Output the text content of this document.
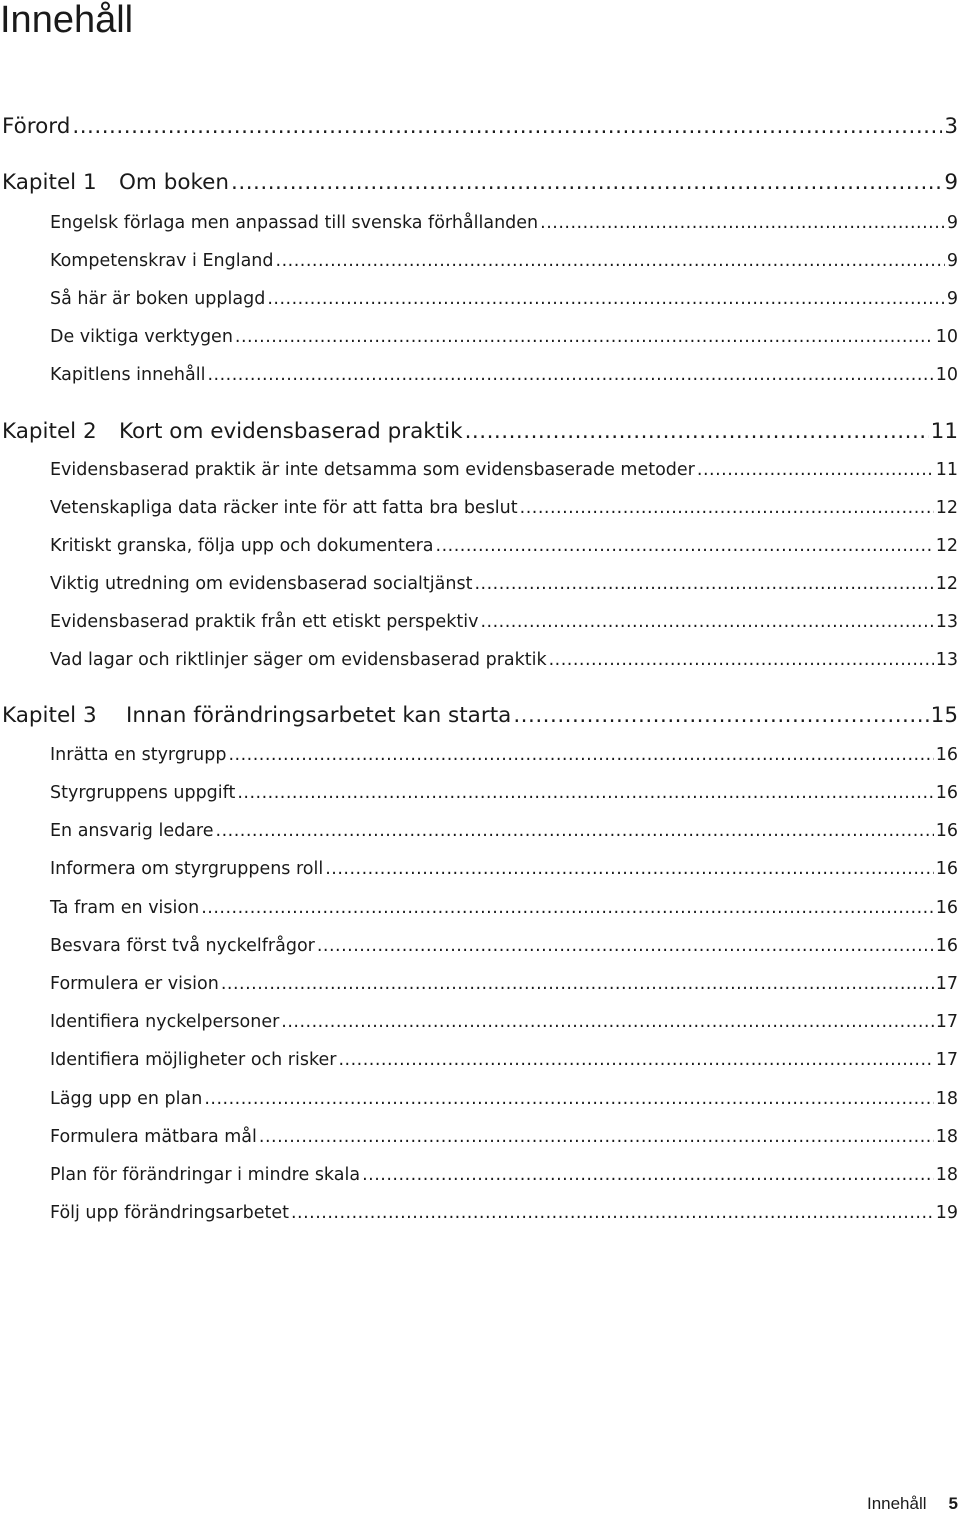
Innehåll
Förord .....	3
Kapitel 1	Om boken .....	9
Engelsk förlaga men anpassad till svenska förhållanden .....	9
Kompetenskrav i England .....	9
Så här är boken upplagd .....	9
De viktiga verktygen .....	10
Kapitlens innehåll .....	10
Kapitel 2	Kort om evidensbaserad praktik .....	11
Evidensbaserad praktik är inte detsamma som evidensbaserade metoder .....	11
Vetenskapliga data räcker inte för att fatta bra beslut .....	12
Kritiskt granska, följa upp och dokumentera .....	12
Viktig utredning om evidensbaserad socialtjänst .....	12
Evidensbaserad praktik från ett etiskt perspektiv .....	13
Vad lagar och riktlinjer säger om evidensbaserad praktik .....	13
Kapitel 3	Innan förändringsarbetet kan starta .....	15
Inrätta en styrgrupp .....	16
Styrgruppens uppgift .....	16
En ansvarig ledare .....	16
Informera om styrgruppens roll .....	16
Ta fram en vision .....	16
Besvara först två nyckelfrågor .....	16
Formulera er vision .....	17
Identifiera nyckelpersoner .....	17
Identifiera möjligheter och risker .....	17
Lägg upp en plan .....	18
Formulera mätbara mål .....	18
Plan för förändringar i mindre skala .....	18
Följ upp förändringsarbetet .....	19
Innehåll 5
